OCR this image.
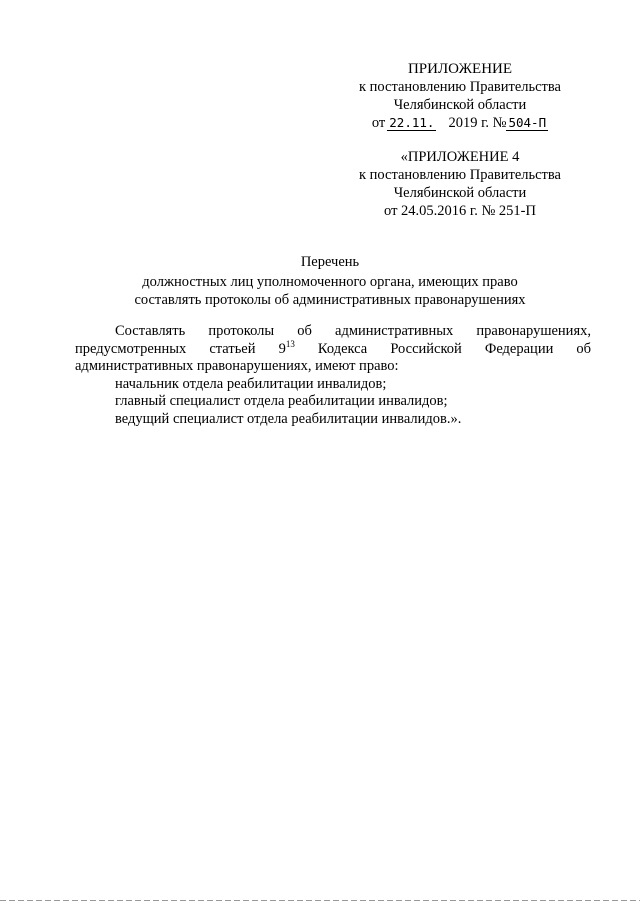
ПРИЛОЖЕНИЕ
к постановлению Правительства
Челябинской области
от 22.11. 2019 г. № 504-П
«ПРИЛОЖЕНИЕ 4
к постановлению Правительства
Челябинской области
от 24.05.2016 г. № 251-П
Перечень
должностных лиц уполномоченного органа, имеющих право
составлять протоколы об административных правонарушениях
Составлять протоколы об административных правонарушениях,
предусмотренных статьей $9^{13}$ Кодекса Российской Федерации об
административных правонарушениях, имеют право:
начальник отдела реабилитации инвалидов;
главный специалист отдела реабилитации инвалидов;
ведущий специалист отдела реабилитации инвалидов.».
